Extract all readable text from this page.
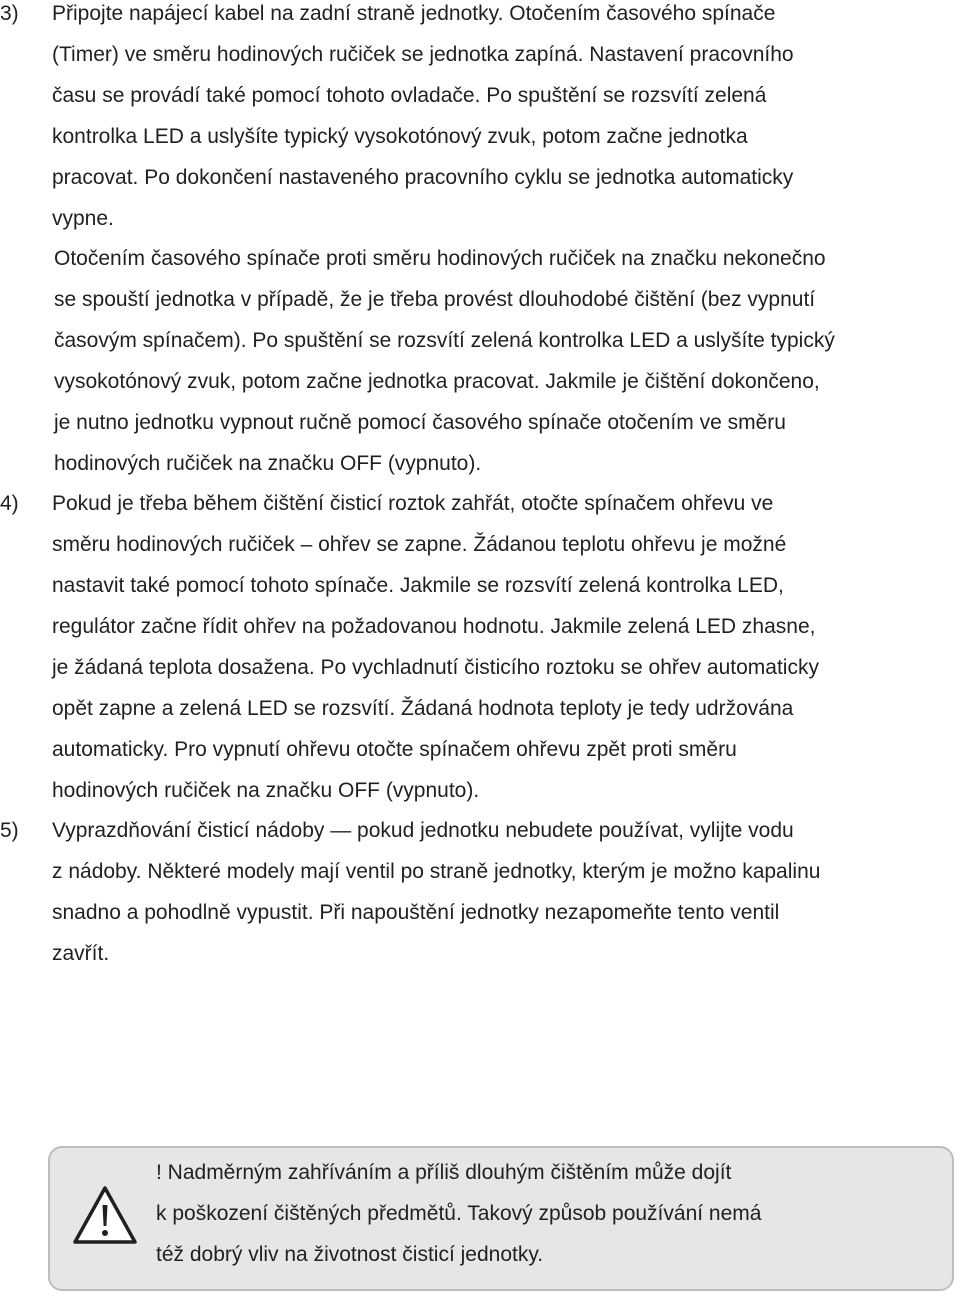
3) Připojte napájecí kabel na zadní straně jednotky. Otočením časového spínače
(Timer) ve směru hodinových ručiček se jednotka zapíná. Nastavení pracovního
času se provádí také pomocí tohoto ovladače. Po spuštění se rozsvítí zelená
kontrolka LED a uslyšíte typický vysokotónový zvuk, potom začne jednotka
pracovat. Po dokončení nastaveného pracovního cyklu se jednotka automaticky
vypne.
Otočením časového spínače proti směru hodinových ručiček na značku nekonečno
se spouští jednotka v případě, že je třeba provést dlouhodobé čištění (bez vypnutí
časovým spínačem). Po spuštění se rozsvítí zelená kontrolka LED a uslyšíte typický
vysokotónový zvuk, potom začne jednotka pracovat. Jakmile je čištění dokončeno,
je nutno jednotku vypnout ručně pomocí časového spínače otočením ve směru
hodinových ručiček na značku OFF (vypnuto).
4) Pokud je třeba během čištění čisticí roztok zahřát, otočte spínačem ohřevu ve
směru hodinových ručiček – ohřev se zapne. Žádanou teplotu ohřevu je možné
nastavit také pomocí tohoto spínače. Jakmile se rozsvítí zelená kontrolka LED,
regulátor začne řídit ohřev na požadovanou hodnotu. Jakmile zelená LED zhasne,
je žádaná teplota dosažena. Po vychladnutí čisticího roztoku se ohřev automaticky
opět zapne a zelená LED se rozsvítí. Žádaná hodnota teploty je tedy udržována
automaticky. Pro vypnutí ohřevu otočte spínačem ohřevu zpět proti směru
hodinových ručiček na značku OFF (vypnuto).
5) Vyprazdňování čisticí nádoby — pokud jednotku nebudete používat, vylijte vodu
z nádoby. Některé modely mají ventil po straně jednotky, kterým je možno kapalinu
snadno a pohodlně vypustit. Při napouštění jednotky nezapomeňte tento ventil
zavřít.
! Nadměrným zahříváním a příliš dlouhým čištěním může dojít
k poškození čištěných předmětů. Takový způsob používání nemá
též dobrý vliv na životnost čisticí jednotky.
